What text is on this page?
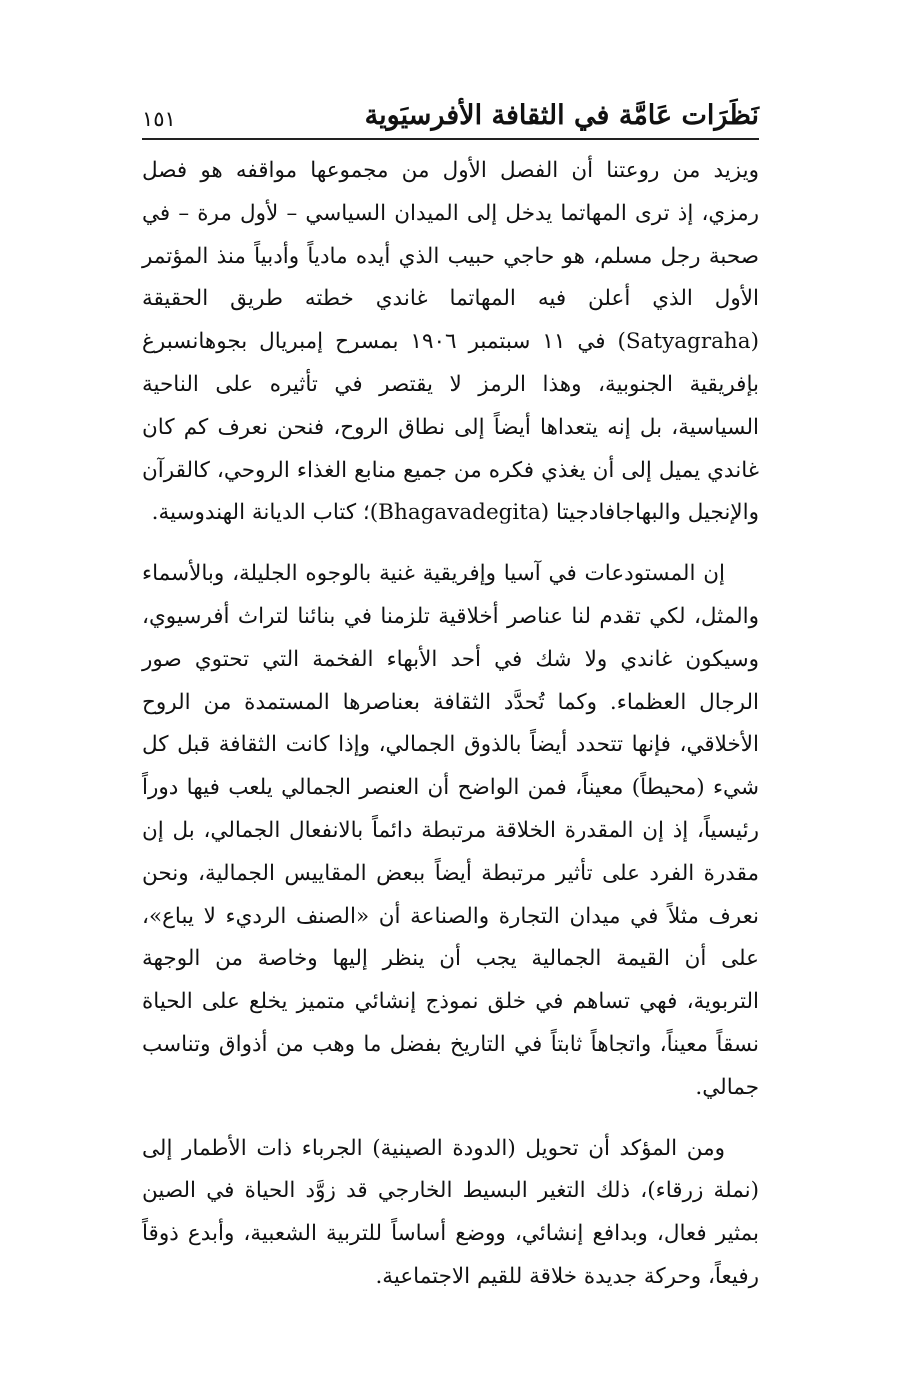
نَظَرَات عَامَّة في الثقافة الأفرسيَوية
١٥١

ويزيد من روعتنا أن الفصل الأول من مجموعها مواقفه هو فصل رمزي، إذ ترى المهاتما يدخل إلى الميدان السياسي – لأول مرة – في صحبة رجل مسلم، هو حاجي حبيب الذي أيده مادياً وأدبياً منذ المؤتمر الأول الذي أعلن فيه المهاتما غاندي خطته طريق الحقيقة (Satyagraha) في ١١ سبتمبر ١٩٠٦ بمسرح إمبريال بجوهانسبرغ بإفريقية الجنوبية، وهذا الرمز لا يقتصر في تأثيره على الناحية السياسية، بل إنه يتعداها أيضاً إلى نطاق الروح، فنحن نعرف كم كان غاندي يميل إلى أن يغذي فكره من جميع منابع الغذاء الروحي، كالقرآن والإنجيل والبهاجافادجيتا (Bhagavadegita)؛ كتاب الديانة الهندوسية.

إن المستودعات في آسيا وإفريقية غنية بالوجوه الجليلة، وبالأسماء والمثل، لكي تقدم لنا عناصر أخلاقية تلزمنا في بنائنا لتراث أفرسيوي، وسيكون غاندي ولا شك في أحد الأبهاء الفخمة التي تحتوي صور الرجال العظماء. وكما تُحدَّد الثقافة بعناصرها المستمدة من الروح الأخلاقي، فإنها تتحدد أيضاً بالذوق الجمالي، وإذا كانت الثقافة قبل كل شيء (محيطاً) معيناً، فمن الواضح أن العنصر الجمالي يلعب فيها دوراً رئيسياً، إذ إن المقدرة الخلاقة مرتبطة دائماً بالانفعال الجمالي، بل إن مقدرة الفرد على تأثير مرتبطة أيضاً ببعض المقاييس الجمالية، ونحن نعرف مثلاً في ميدان التجارة والصناعة أن «الصنف الرديء لا يباع»، على أن القيمة الجمالية يجب أن ينظر إليها وخاصة من الوجهة التربوية، فهي تساهم في خلق نموذج إنشائي متميز يخلع على الحياة نسقاً معيناً، واتجاهاً ثابتاً في التاريخ بفضل ما وهب من أذواق وتناسب جمالي.

ومن المؤكد أن تحويل (الدودة الصينية) الجرباء ذات الأطمار إلى (نملة زرقاء)، ذلك التغير البسيط الخارجي قد زوَّد الحياة في الصين بمثير فعال، وبدافع إنشائي، ووضع أساساً للتربية الشعبية، وأبدع ذوقاً رفيعاً، وحركة جديدة خلاقة للقيم الاجتماعية.
